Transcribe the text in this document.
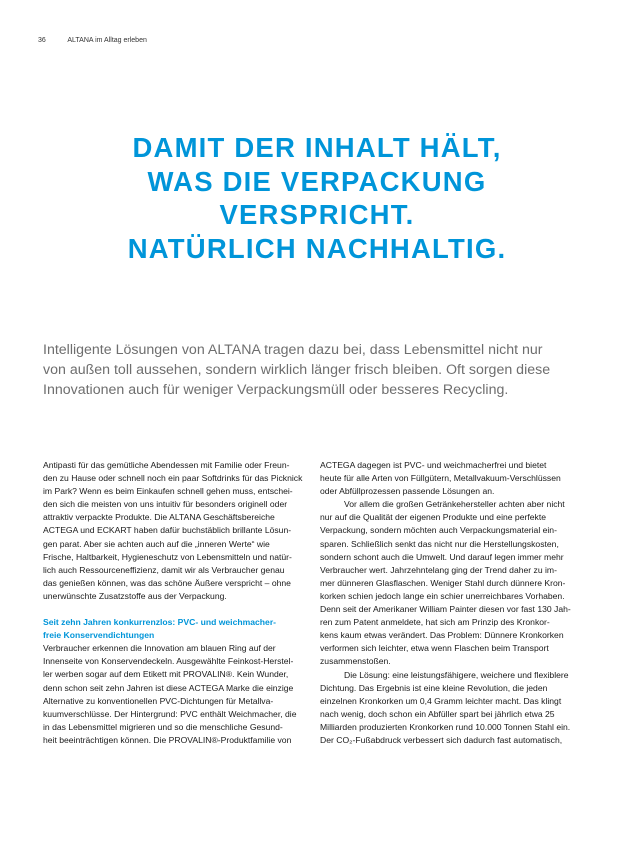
36	ALTANA im Alltag erleben
DAMIT DER INHALT HÄLT,
WAS DIE VERPACKUNG
VERSPRICHT.
NATÜRLICH NACHHALTIG.

Intelligente Lösungen von ALTANA tragen dazu bei, dass Lebensmittel nicht nur
von außen toll aussehen, sondern wirklich länger frisch bleiben. Oft sorgen diese
Innovationen auch für weniger Verpackungsmüll oder besseres Recycling.

Antipasti für das gemütliche Abendessen mit Familie oder Freun-
den zu Hause oder schnell noch ein paar Softdrinks für das Picknick
im Park? Wenn es beim Einkaufen schnell gehen muss, entschei-
den sich die meisten von uns intuitiv für besonders originell oder
attraktiv verpackte Produkte. Die ALTANA Geschäftsbereiche
ACTEGA und ECKART haben dafür buchstäblich brillante Lösun-
gen parat. Aber sie achten auch auf die „inneren Werte“ wie
Frische, Haltbarkeit, Hygieneschutz von Lebensmitteln und natür-
lich auch Ressourceneffizienz, damit wir als Verbraucher genau
das genießen können, was das schöne Äußere verspricht – ohne
unerwünschte Zusatzstoffe aus der Verpackung.

Seit zehn Jahren konkurrenzlos: PVC- und weichmacher-
freie Konservendichtungen

Verbraucher erkennen die Innovation am blauen Ring auf der
Innenseite von Konservendeckeln. Ausgewählte Feinkost-Herstel-
ler werben sogar auf dem Etikett mit PROVALIN®. Kein Wunder,
denn schon seit zehn Jahren ist diese ACTEGA Marke die einzige
Alternative zu konventionellen PVC-Dichtungen für Metallva-
kuumverschlüsse. Der Hintergrund: PVC enthält Weichmacher, die
in das Lebensmittel migrieren und so die menschliche Gesund-
heit beeinträchtigen können. Die PROVALIN®-Produktfamilie von

ACTEGA dagegen ist PVC- und weichmacherfrei und bietet
heute für alle Arten von Füllgütern, Metallvakuum-Verschlüssen
oder Abfüllprozessen passende Lösungen an.

Vor allem die großen Getränkehersteller achten aber nicht
nur auf die Qualität der eigenen Produkte und eine perfekte
Verpackung, sondern möchten auch Verpackungsmaterial ein-
sparen. Schließlich senkt das nicht nur die Herstellungskosten,
sondern schont auch die Umwelt. Und darauf legen immer mehr
Verbraucher wert. Jahrzehntelang ging der Trend daher zu im-
mer dünneren Glasflaschen. Weniger Stahl durch dünnere Kron-
korken schien jedoch lange ein schier unerreichbares Vorhaben.
Denn seit der Amerikaner William Painter diesen vor fast 130 Jah-
ren zum Patent anmeldete, hat sich am Prinzip des Kronkor-
kens kaum etwas verändert. Das Problem: Dünnere Kronkorken
verformen sich leichter, etwa wenn Flaschen beim Transport
zusammenstoßen.

Die Lösung: eine leistungsfähigere, weichere und flexiblere
Dichtung. Das Ergebnis ist eine kleine Revolution, die jeden
einzelnen Kronkorken um 0,4 Gramm leichter macht. Das klingt
nach wenig, doch schon ein Abfüller spart bei jährlich etwa 25
Milliarden produzierten Kronkorken rund 10.000 Tonnen Stahl ein.
Der CO₂-Fußabdruck verbessert sich dadurch fast automatisch,
